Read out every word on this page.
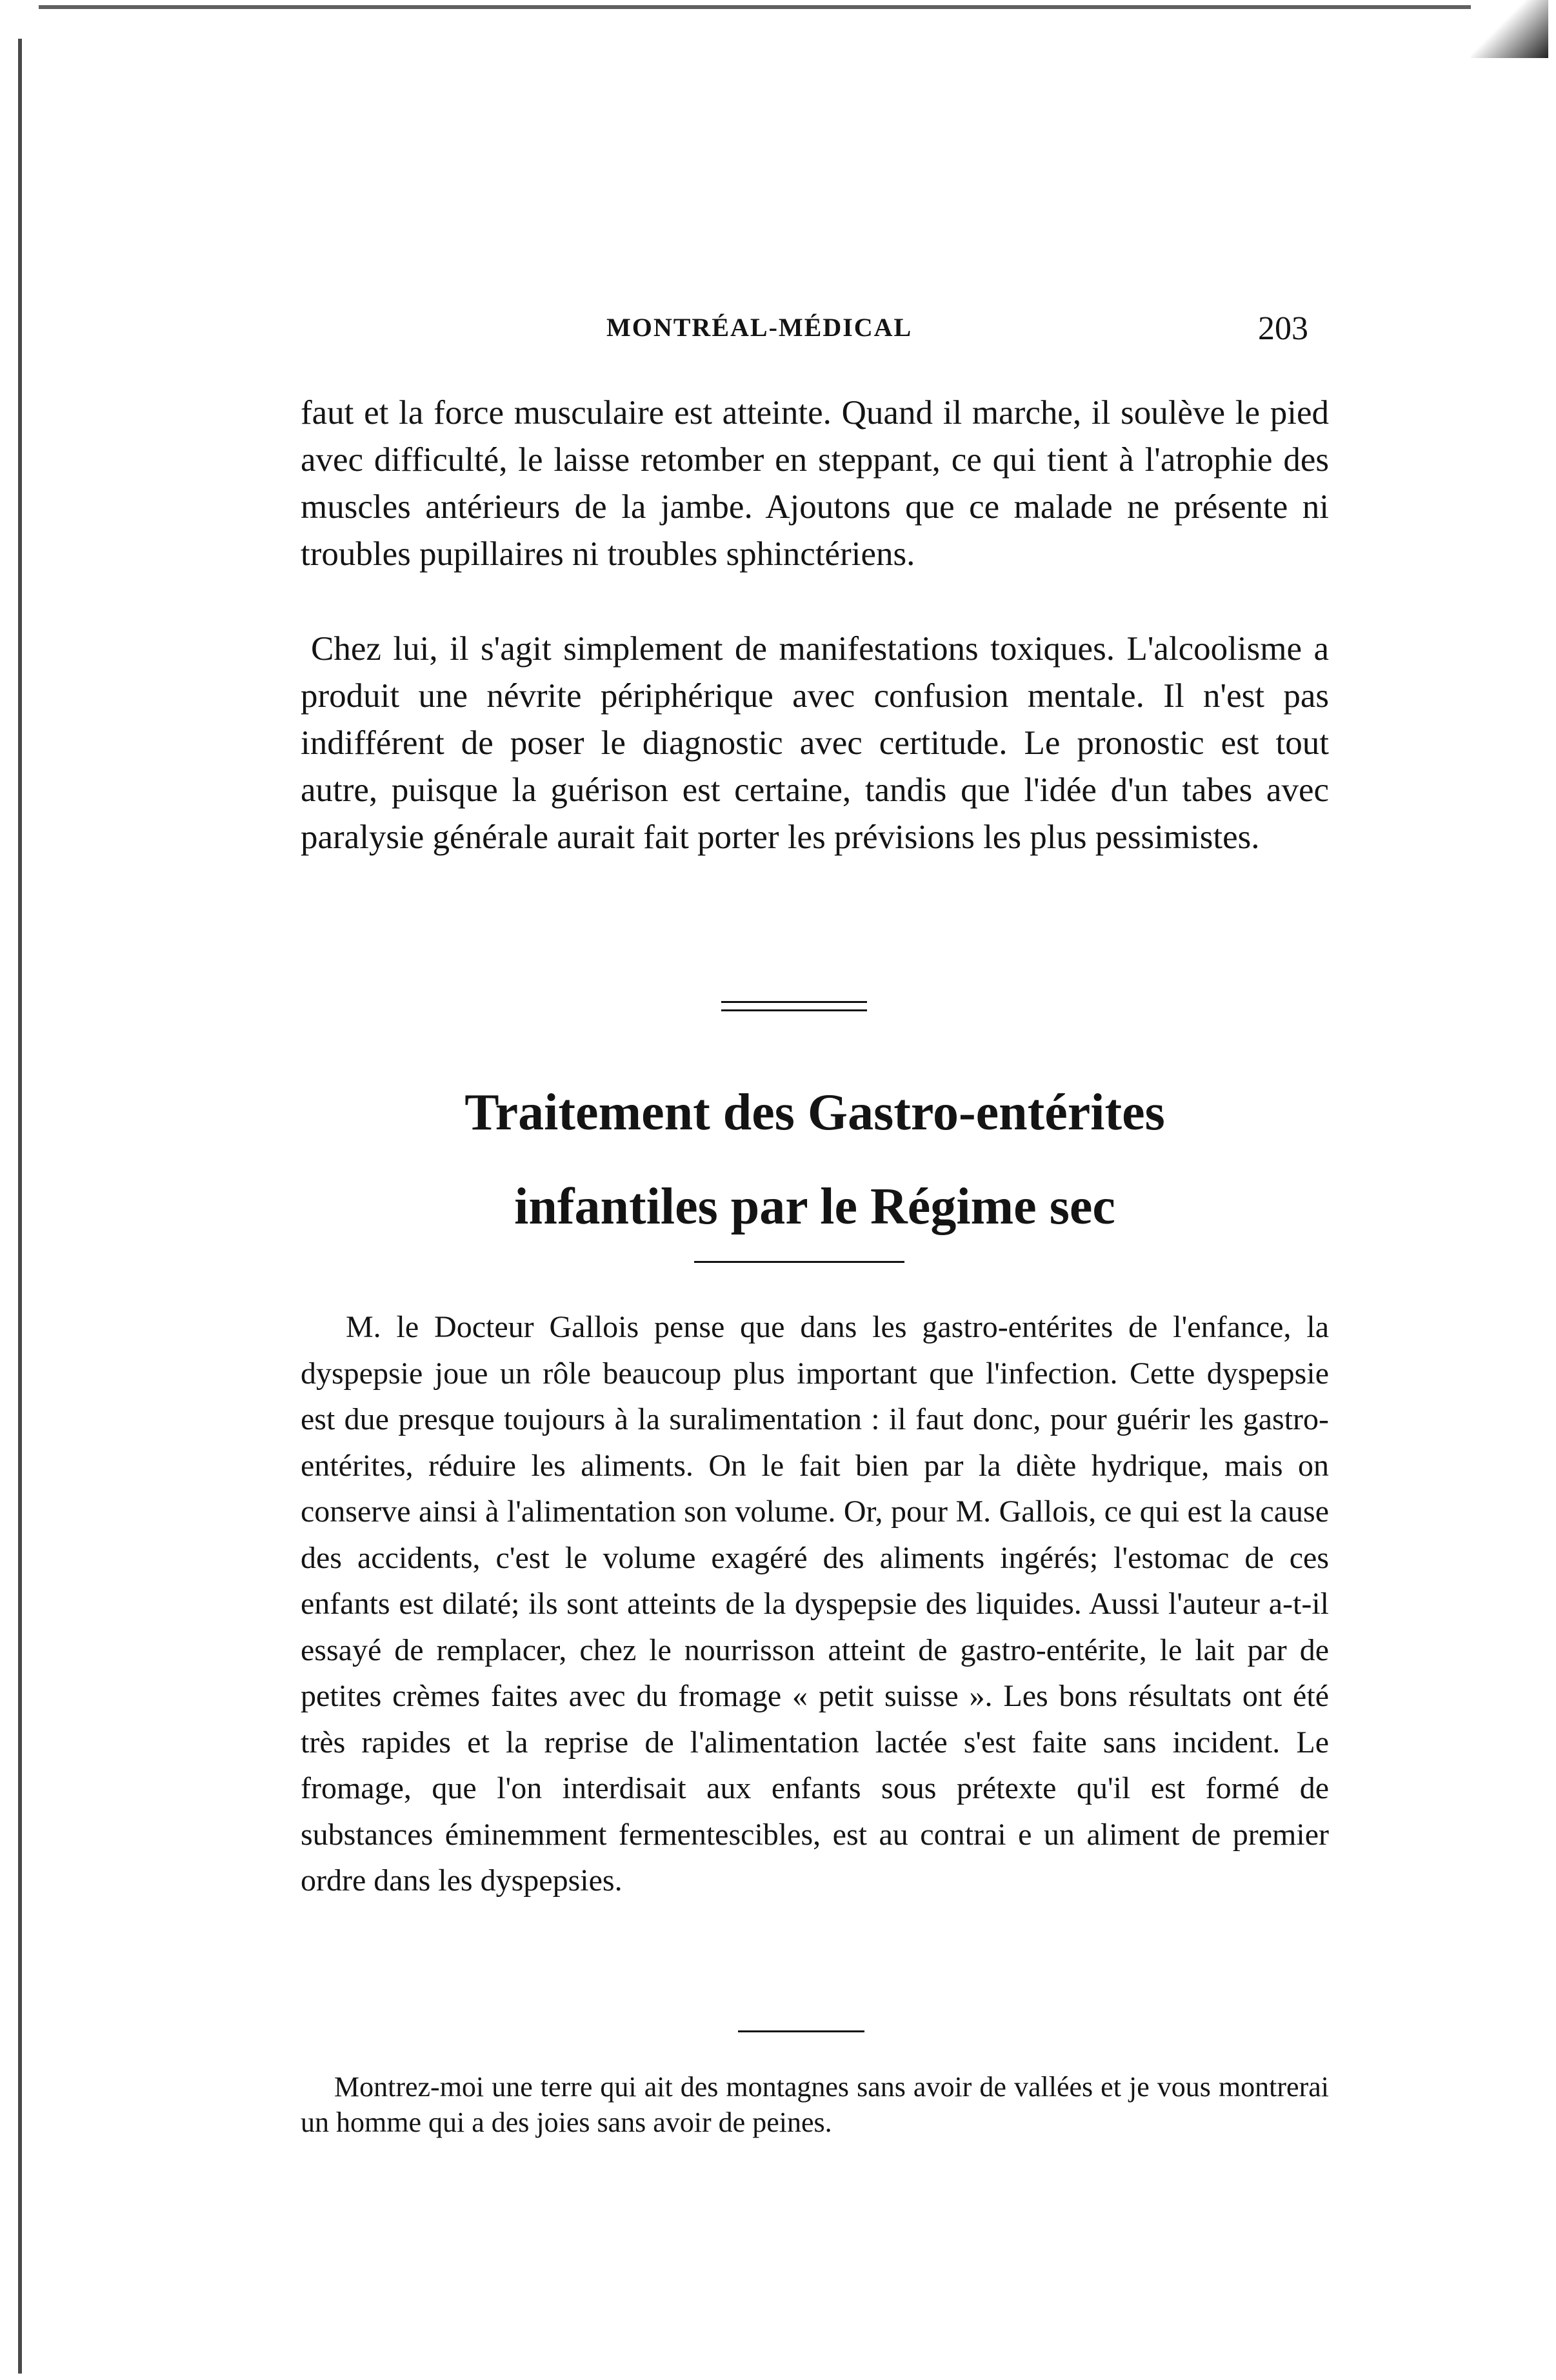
MONTRÉAL-MÉDICAL	203

faut et la force musculaire est atteinte. Quand il marche, il soulève le pied avec difficulté, le laisse retomber en steppant, ce qui tient à l'atrophie des muscles antérieurs de la jambe. Ajoutons que ce malade ne présente ni troubles pupillaires ni troubles sphinctériens.

Chez lui, il s'agit simplement de manifestations toxiques. L'alcoolisme a produit une névrite périphérique avec confusion mentale. Il n'est pas indifférent de poser le diagnostic avec certitude. Le pronostic est tout autre, puisque la guérison est certaine, tandis que l'idée d'un tabes avec paralysie générale aurait fait porter les prévisions les plus pessimistes.

Traitement des Gastro-entérites
infantiles par le Régime sec

M. le Docteur Gallois pense que dans les gastro-entérites de l'enfance, la dyspepsie joue un rôle beaucoup plus important que l'infection. Cette dyspepsie est due presque toujours à la suralimentation : il faut donc, pour guérir les gastro-entérites, réduire les aliments. On le fait bien par la diète hydrique, mais on conserve ainsi à l'alimentation son volume. Or, pour M. Gallois, ce qui est la cause des accidents, c'est le volume exagéré des aliments ingérés; l'estomac de ces enfants est dilaté; ils sont atteints de la dyspepsie des liquides. Aussi l'auteur a-t-il essayé de remplacer, chez le nourrisson atteint de gastro-entérite, le lait par de petites crèmes faites avec du fromage « petit suisse ». Les bons résultats ont été très rapides et la reprise de l'alimentation lactée s'est faite sans incident. Le fromage, que l'on interdisait aux enfants sous prétexte qu'il est formé de substances éminemment fermentescibles, est au contrai e un aliment de premier ordre dans les dyspepsies.

Montrez-moi une terre qui ait des montagnes sans avoir de vallées et je vous montrerai un homme qui a des joies sans avoir de peines.
